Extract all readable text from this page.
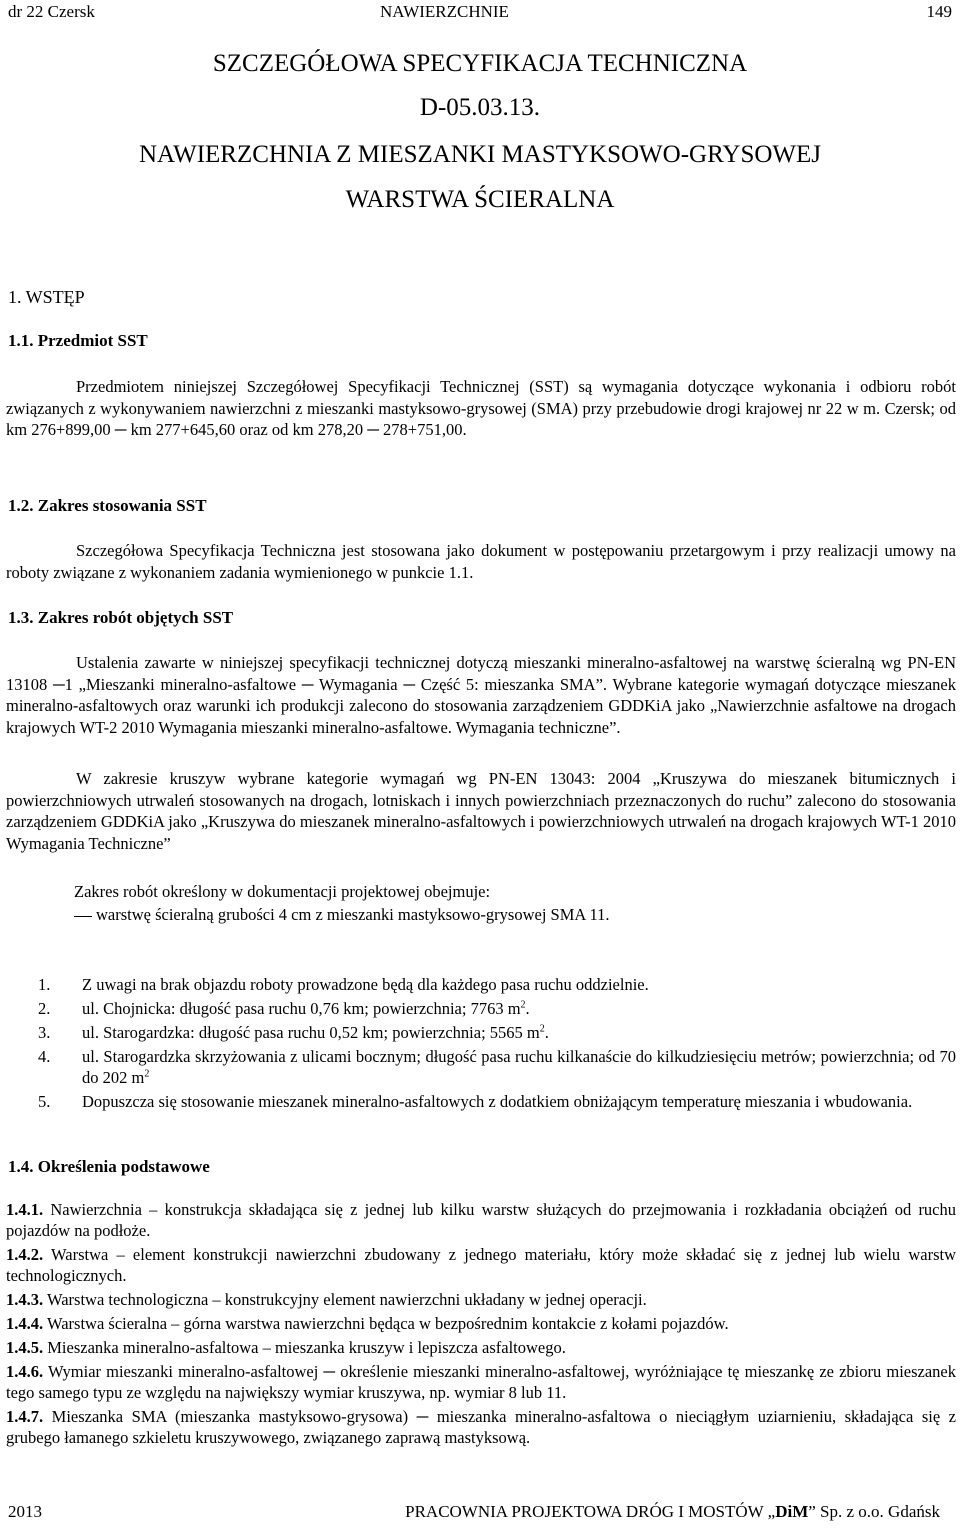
dr 22 Czersk	NAWIERZCHNIE	149
SZCZEGÓŁOWA SPECYFIKACJA TECHNICZNA
D-05.03.13.
NAWIERZCHNIA Z MIESZANKI MASTYKSOWO-GRYSOWEJ
WARSTWA ŚCIERALNA
1. WSTĘP
1.1. Przedmiot SST
Przedmiotem niniejszej Szczegółowej Specyfikacji Technicznej (SST) są wymagania dotyczące wykonania i odbioru robót związanych z wykonywaniem nawierzchni z mieszanki mastyksowo-grysowej (SMA) przy przebudowie drogi krajowej nr 22 w m. Czersk; od km 276+899,00 ─ km 277+645,60 oraz od km 278,20 ─ 278+751,00.
1.2. Zakres stosowania SST
Szczegółowa Specyfikacja Techniczna jest stosowana jako dokument w postępowaniu przetargowym i przy realizacji umowy na roboty związane z wykonaniem zadania wymienionego w punkcie 1.1.
1.3. Zakres robót objętych SST
Ustalenia zawarte w niniejszej specyfikacji technicznej dotyczą mieszanki mineralno-asfaltowej na warstwę ścieralną wg PN-EN 13108 ─1 „Mieszanki mineralno-asfaltowe ─ Wymagania ─ Część 5: mieszanka SMA”. Wybrane kategorie wymagań dotyczące mieszanek mineralno-asfaltowych oraz warunki ich produkcji zalecono do stosowania zarządzeniem GDDKiA jako „Nawierzchnie asfaltowe na drogach krajowych WT-2 2010 Wymagania mieszanki mineralno-asfaltowe. Wymagania techniczne”.
W zakresie kruszyw wybrane kategorie wymagań wg PN-EN 13043: 2004 „Kruszywa do mieszanek bitumicznych i powierzchniowych utrwaleń stosowanych na drogach, lotniskach i innych powierzchniach przeznaczonych do ruchu” zalecono do stosowania zarządzeniem GDDKiA jako „Kruszywa do mieszanek mineralno-asfaltowych i powierzchniowych utrwaleń na drogach krajowych WT-1 2010 Wymagania Techniczne”
Zakres robót określony w dokumentacji projektowej obejmuje:
warstwę ścieralną grubości 4 cm z mieszanki mastyksowo-grysowej SMA 11.
1.	Z uwagi na brak objazdu roboty prowadzone będą dla każdego pasa ruchu oddzielnie.
2.	ul. Chojnicka: długość pasa ruchu 0,76 km; powierzchnia; 7763 $m^2$.
3.	ul. Starogardzka: długość pasa ruchu 0,52 km; powierzchnia; 5565 $m^2$.
4.	ul. Starogardzka skrzyżowania z ulicami bocznym; długość pasa ruchu kilkanaście do kilkudziesięciu metrów; powierzchnia; od 70 do 202 $m^2$
5.	Dopuszcza się stosowanie mieszanek mineralno-asfaltowych z dodatkiem obniżającym temperaturę mieszania i wbudowania.
1.4. Określenia podstawowe

1.4.1. Nawierzchnia – konstrukcja składająca się z jednej lub kilku warstw służących do przejmowania i rozkładania obciążeń od ruchu pojazdów na podłoże.

1.4.2. Warstwa – element konstrukcji nawierzchni zbudowany z jednego materiału, który może składać się z jednej lub wielu warstw technologicznych.

1.4.3. Warstwa technologiczna – konstrukcyjny element nawierzchni układany w jednej operacji.

1.4.4. Warstwa ścieralna – górna warstwa nawierzchni będąca w bezpośrednim kontakcie z kołami pojazdów.

1.4.5. Mieszanka mineralno-asfaltowa – mieszanka kruszyw i lepiszcza asfaltowego.

1.4.6. Wymiar mieszanki mineralno-asfaltowej ─ określenie mieszanki mineralno-asfaltowej, wyróżniające tę mieszankę ze zbioru mieszanek tego samego typu ze względu na największy wymiar kruszywa, np. wymiar 8 lub 11.

1.4.7. Mieszanka SMA (mieszanka mastyksowo-grysowa) ─ mieszanka mineralno-asfaltowa o nieciągłym uziarnieniu, składająca się z grubego łamanego szkieletu kruszywowego, związanego zaprawą mastyksową.

2013	PRACOWNIA PROJEKTOWA DRÓG I MOSTÓW „DiM” Sp. z o.o. Gdańsk
